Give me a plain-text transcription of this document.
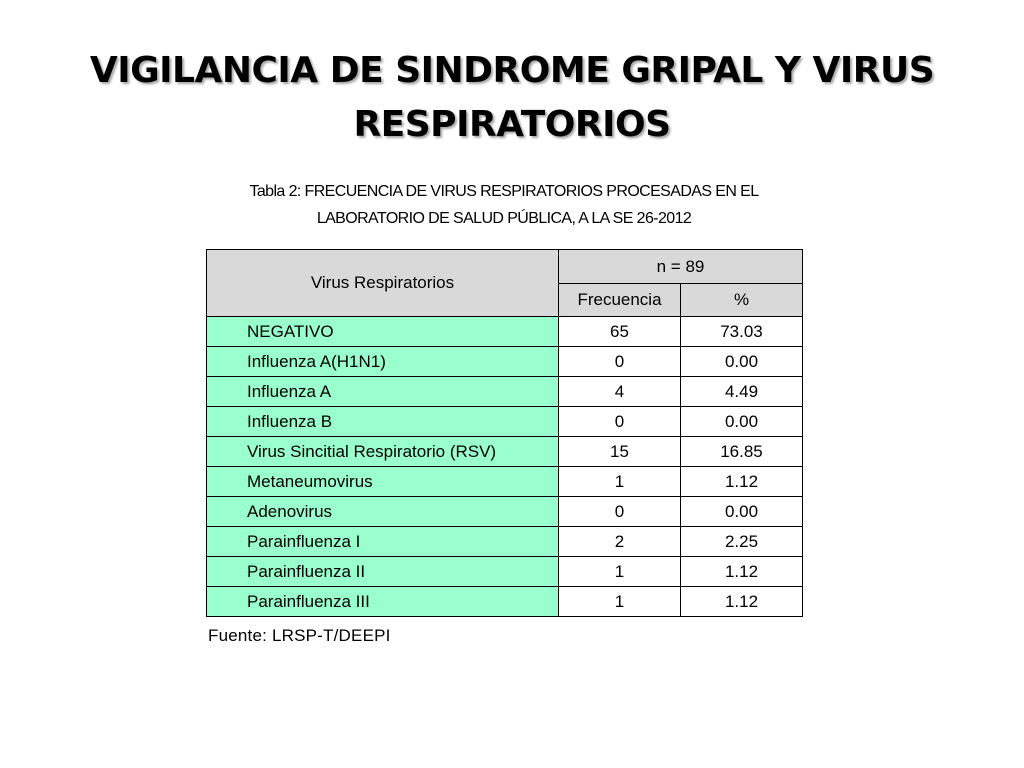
VIGILANCIA DE SINDROME GRIPAL Y VIRUS
RESPIRATORIOS
Tabla 2: FRECUENCIA DE VIRUS RESPIRATORIOS PROCESADAS EN EL
LABORATORIO DE SALUD PÚBLICA, A LA SE 26-2012
Virus Respiratorios	n = 89	
	Frecuencia	%
NEGATIVO	65	73.03
Influenza A(H1N1)	0	0.00
Influenza A	4	4.49
Influenza B	0	0.00
Virus Sincitial Respiratorio (RSV)	15	16.85
Metaneumovirus	1	1.12
Adenovirus	0	0.00
Parainfluenza I	2	2.25
Parainfluenza II	1	1.12
Parainfluenza III	1	1.12
Fuente: LRSP-T/DEEPI
